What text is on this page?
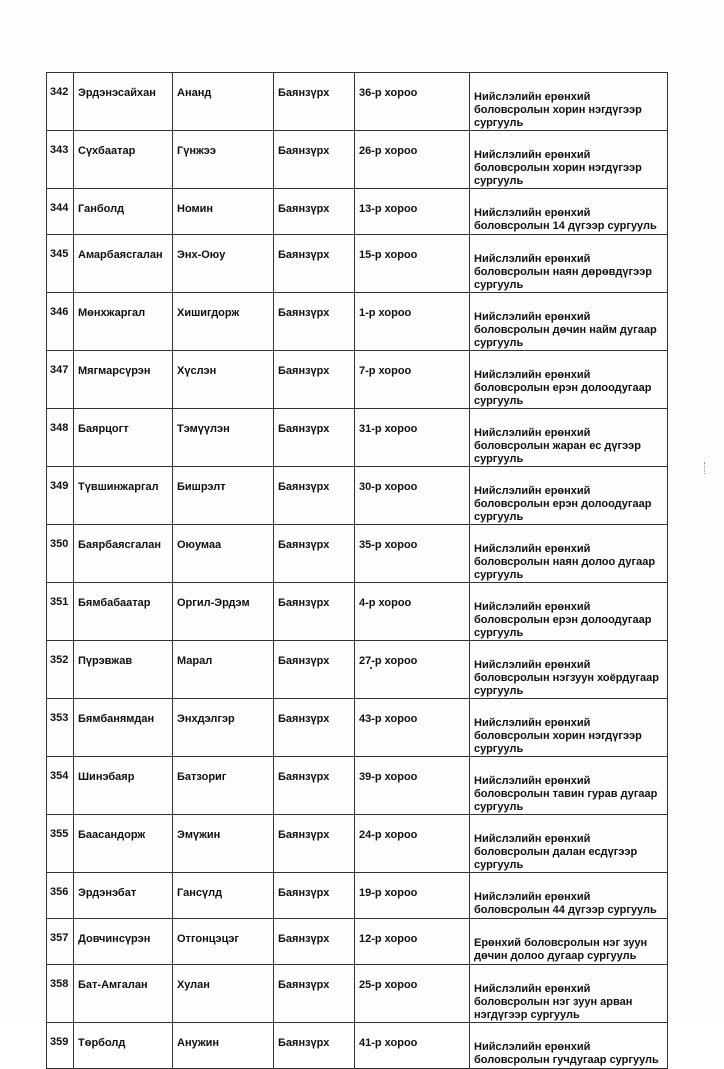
342	Эрдэнэсайхан	Ананд	Баянзүрх	36-р хороо	Нийслэлийн ерөнхий боловсролын хорин нэгдүгээр сургууль

343	Сүхбаатар	Гүнжээ	Баянзүрх	26-р хороо	Нийслэлийн ерөнхий боловсролын хорин нэгдүгээр сургууль

344	Ганболд	Номин	Баянзүрх	13-р хороо	Нийслэлийн ерөнхий боловсролын 14 дүгээр сургууль

345	Амарбаясгалан	Энх-Оюу	Баянзүрх	15-р хороо	Нийслэлийн ерөнхий боловсролын наян дөрөвдүгээр сургууль

346	Мөнхжаргал	Хишигдорж	Баянзүрх	1-р хороо	Нийслэлийн ерөнхий боловсролын дөчин найм дугаар сургууль

347	Мягмарсүрэн	Хүслэн	Баянзүрх	7-р хороо	Нийслэлийн ерөнхий боловсролын ерэн долоодугаар сургууль

348	Баярцогт	Тэмүүлэн	Баянзүрх	31-р хороо	Нийслэлийн ерөнхий боловсролын жаран ес дүгээр сургууль

349	Түвшинжаргал	Бишрэлт	Баянзүрх	30-р хороо	Нийслэлийн ерөнхий боловсролын ерэн долоодугаар сургууль

350	Баярбаясгалан	Оюумаа	Баянзүрх	35-р хороо	Нийслэлийн ерөнхий боловсролын наян долоо дугаар сургууль

351	Бямбабаатар	Оргил-Эрдэм	Баянзүрх	4-р хороо	Нийслэлийн ерөнхий боловсролын ерэн долоодугаар сургууль

352	Пүрэвжав	Марал	Баянзүрх	27-р хороо	Нийслэлийн ерөнхий боловсролын нэгзуун хоёрдугаар сургууль

353	Бямбанямдан	Энхдэлгэр	Баянзүрх	43-р хороо	Нийслэлийн ерөнхий боловсролын хорин нэгдүгээр сургууль

354	Шинэбаяр	Батзориг	Баянзүрх	39-р хороо	Нийслэлийн ерөнхий боловсролын тавин гурав дугаар сургууль

355	Баасандорж	Эмүжин	Баянзүрх	24-р хороо	Нийслэлийн ерөнхий боловсролын далан есдүгээр сургууль

356	Эрдэнэбат	Гансүлд	Баянзүрх	19-р хороо	Нийслэлийн ерөнхий боловсролын 44 дүгээр сургууль

357	Довчинсүрэн	Отгонцэцэг	Баянзүрх	12-р хороо	Ерөнхий боловсролын нэг зуун дөчин долоо дугаар сургууль

358	Бат-Амгалан	Хулан	Баянзүрх	25-р хороо	Нийслэлийн ерөнхий боловсролын нэг зуун арван нэгдүгээр сургууль

359	Төрболд	Анужин	Баянзүрх	41-р хороо	Нийслэлийн ерөнхий боловсролын гучдугаар сургууль
